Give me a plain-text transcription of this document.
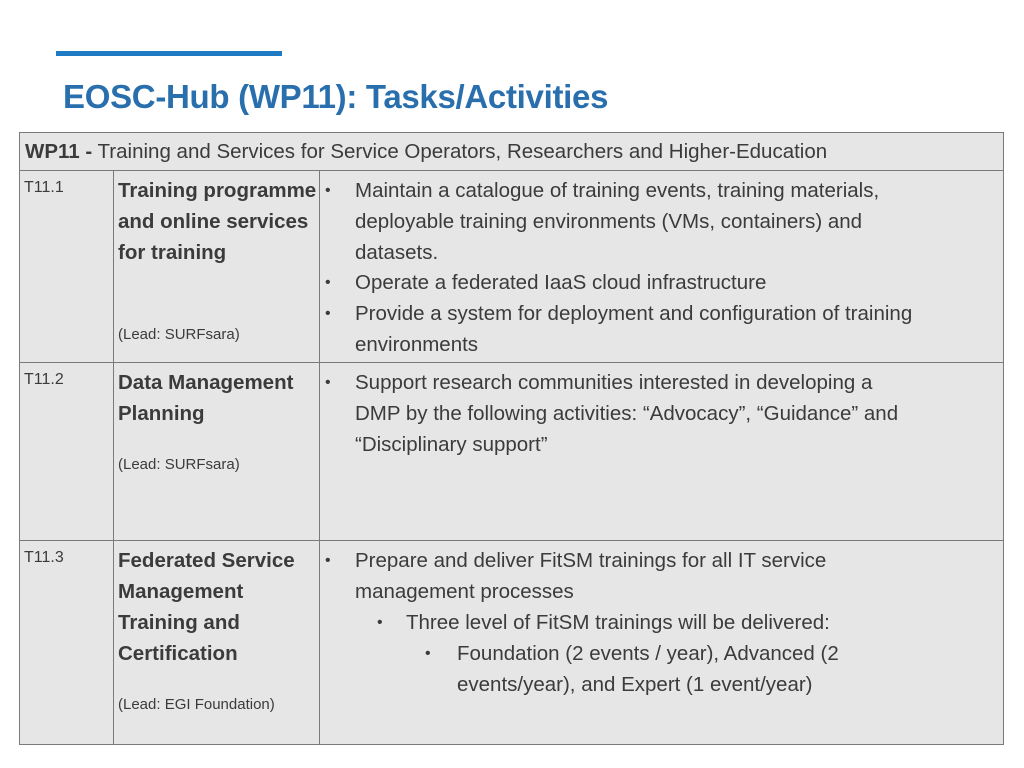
EOSC-Hub (WP11): Tasks/Activities
WP11 - Training and Services for Service Operators, Researchers and Higher-Education
T11.1	Training programme and online services for training
(Lead: SURFsara)
• Maintain a catalogue of training events, training materials,
deployable training environments (VMs, containers) and
datasets.
• Operate a federated IaaS cloud infrastructure
• Provide a system for deployment and configuration of training
environments
T11.2	Data Management Planning
(Lead: SURFsara)
• Support research communities interested in developing a
DMP by the following activities: “Advocacy”, “Guidance” and
“Disciplinary support”
T11.3	Federated Service Management Training and Certification
(Lead: EGI Foundation)
• Prepare and deliver FitSM trainings for all IT service
management processes
• Three level of FitSM trainings will be delivered:
• Foundation (2 events / year), Advanced (2
events/year), and Expert (1 event/year)
